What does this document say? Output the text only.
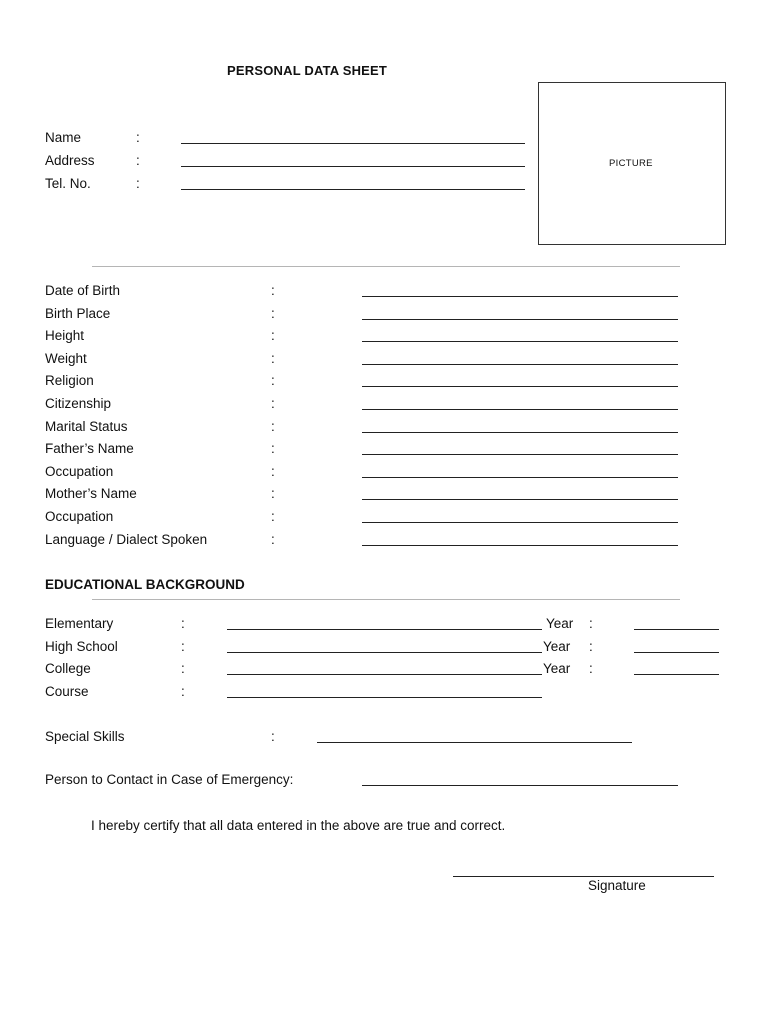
PERSONAL DATA SHEET
PICTURE
Name	:
Address	:
Tel. No.	:
Date of Birth	:
Birth Place	:
Height	:
Weight	:
Religion	:
Citizenship	:
Marital Status	:
Father’s Name	:
Occupation	:
Mother’s Name	:
Occupation	:
Language / Dialect Spoken	:
EDUCATIONAL BACKGROUND
Elementary	:	Year :
High School	:	Year :
College	:	Year :
Course	:
Special Skills	:
Person to Contact in Case of Emergency:
I hereby certify that all data entered in the above are true and correct.
Signature
